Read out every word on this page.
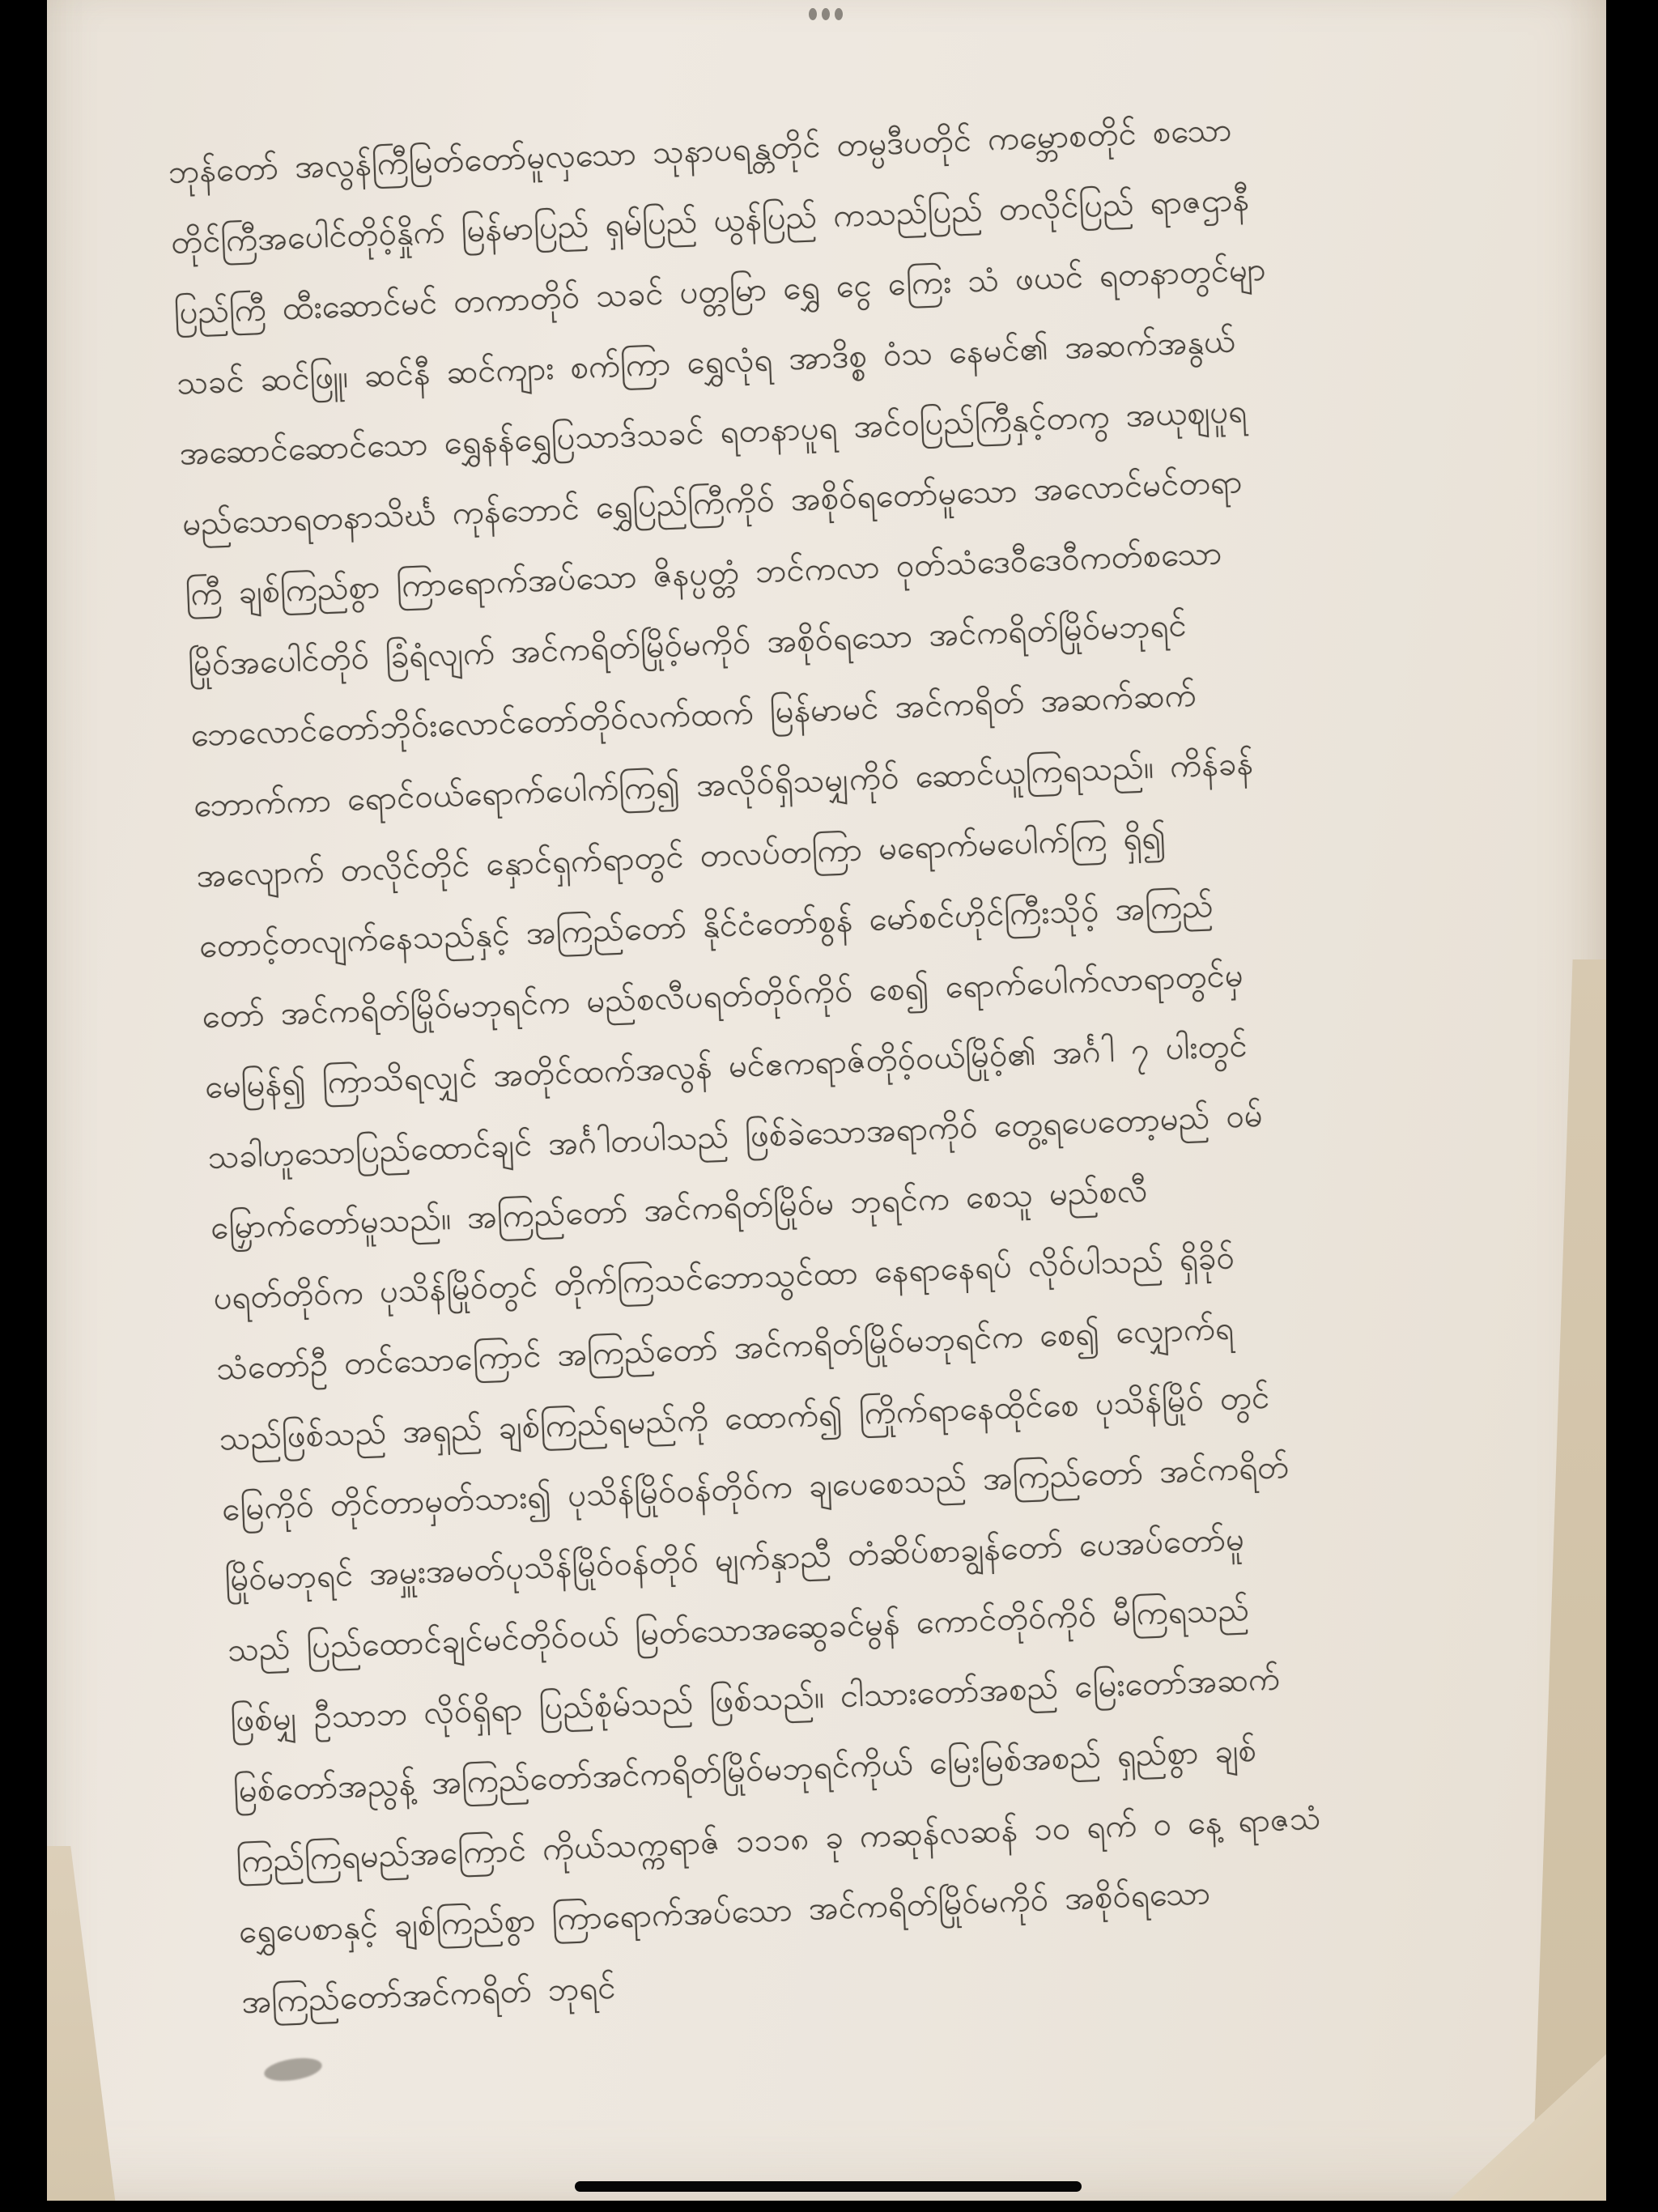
ဘုန်တော် အလွန်ကြီမြတ်တော်မူလှသော သုနာပရန္တတိုင် တမ္ပဒီပတိုင် ကမ္ဘောစတိုင် စသော
တိုင်ကြီအပေါင်တိုဝ့်နှိုက် မြန်မာပြည် ရှမ်ပြည် ယွန်ပြည် ကသည်ပြည် တလိုင်ပြည် ရာဇဌာနီ
ပြည်ကြီ ထီးဆောင်မင် တကာတိုဝ် သခင် ပတ္တမြာ ရွှေ ငွေ ကြေး သံ ဖယင် ရတနာတွင်မျာ
သခင် ဆင်ဖြူ၊ ဆင်နီ ဆင်ကျား စက်ကြာ ရွှေလုံရ အာဒိစ္စ ဝံသ နေမင်၏ အဆက်အနွယ်
အဆောင်ဆောင်သော ရွှေနန်ရွှေပြသာဒ်သခင် ရတနာပူရ အင်ဝပြည်ကြီနှင့်တကွ အယုဈပူရ
မည်သောရတနာသိင်္ဃ ကုန်ဘောင် ရွှေပြည်ကြီကိုဝ် အစိုဝ်ရတော်မူသော အလောင်မင်တရာ
ကြီ ချစ်ကြည်စွာ ကြာရောက်အပ်သော ဇိနပ္ပတ္တံ ဘင်ကလာ ဝုတ်သံဒေဝီဒေဝီကတ်စသော
မြိုဝ်အပေါင်တိုဝ် ခြံရံလျက် အင်ကရိတ်မြိုဝ့်မကိုဝ် အစိုဝ်ရသော အင်ကရိတ်မြိုဝ်မဘုရင်
ဘေလောင်တော်ဘိုဝ်းလောင်တော်တိုဝ်လက်ထက် မြန်မာမင် အင်ကရိတ် အဆက်ဆက်
ဘောက်ကာ ရောင်ဝယ်ရောက်ပေါက်ကြ၍ အလိုဝ်ရှိသမျှကိုဝ် ဆောင်ယူကြရသည်။ ကိန်ခန်
အလျောက် တလိုင်တိုင် နှောင်ရှက်ရာတွင် တလပ်တကြာ မရောက်မပေါက်ကြ ရှိ၍
တောင့်တလျက်နေသည်နှင့် အကြည်တော် နိုင်ငံတော်စွန် မော်စင်ဟိုင်ကြီးသိုဝ့် အကြည်
တော် အင်ကရိတ်မြိုဝ်မဘုရင်က မည်စလီပရတ်တိုဝ်ကိုဝ် စေ၍ ရောက်ပေါက်လာရာတွင်မှ
မေမြန်၍ ကြာသိရလျှင် အတိုင်ထက်အလွန် မင်ဧကရာဇ်တိုဝ့်ဝယ်မြိုဝ့်၏ အင်္ဂါ ၇ ပါးတွင်
သခါဟူသောပြည်ထောင်ချင် အင်္ဂါတပါသည် ဖြစ်ခဲသောအရာကိုဝ် တွေ့ရပေတော့မည် ဝမ်
မြှောက်တော်မူသည်။ အကြည်တော် အင်ကရိတ်မြိုဝ်မ ဘုရင်က စေသူ မည်စလီ
ပရတ်တိုဝ်က ပုသိန်မြိုဝ်တွင် တိုက်ကြသင်ဘောသွင်ထာ နေရာနေရပ် လိုဝ်ပါသည် ရှိခိုဝ်
သံတော်ဦ တင်သောကြောင် အကြည်တော် အင်ကရိတ်မြိုဝ်မဘုရင်က စေ၍ လျှောက်ရ
သည်ဖြစ်သည် အရှည် ချစ်ကြည်ရမည်ကို ထောက်၍ ကြိုက်ရာနေထိုင်စေ ပုသိန်မြိုဝ် တွင်
မြေကိုဝ် တိုင်တာမှတ်သား၍ ပုသိန်မြိုဝ်ဝန်တိုဝ်က ချပေစေသည် အကြည်တော် အင်ကရိတ်
မြိုဝ်မဘုရင် အမှူးအမတ်ပုသိန်မြိုဝ်ဝန်တိုဝ် မျက်နှာညီ တံဆိပ်စာချွန်တော် ပေအပ်တော်မူ
သည် ပြည်ထောင်ချင်မင်တိုဝ်ဝယ် မြတ်သောအဆွေခင်မွန် ကောင်တိုဝ်ကိုဝ် မီကြရသည်
ဖြစ်မျှ ဦသာဘ လိုဝ်ရှိရာ ပြည်စုံမ်သည် ဖြစ်သည်။ ငါသားတော်အစည် မြေးတော်အဆက်
မြစ်တော်အညွန့် အကြည်တော်အင်ကရိတ်မြိုဝ်မဘုရင်ကိုယ် မြေးမြစ်အစည် ရှည်စွာ ချစ်
ကြည်ကြရမည်အကြောင် ကိုယ်သက္ကရာဇ် ၁၁၁၈ ခု ကဆုန်လဆန် ၁၀ ရက် ၀ နေ့ ရာဇသံ
ရွှေပေစာနှင့် ချစ်ကြည်စွာ ကြာရောက်အပ်သော အင်ကရိတ်မြိုဝ်မကိုဝ် အစိုဝ်ရသော
အကြည်တော်အင်ကရိတ် ဘုရင်
